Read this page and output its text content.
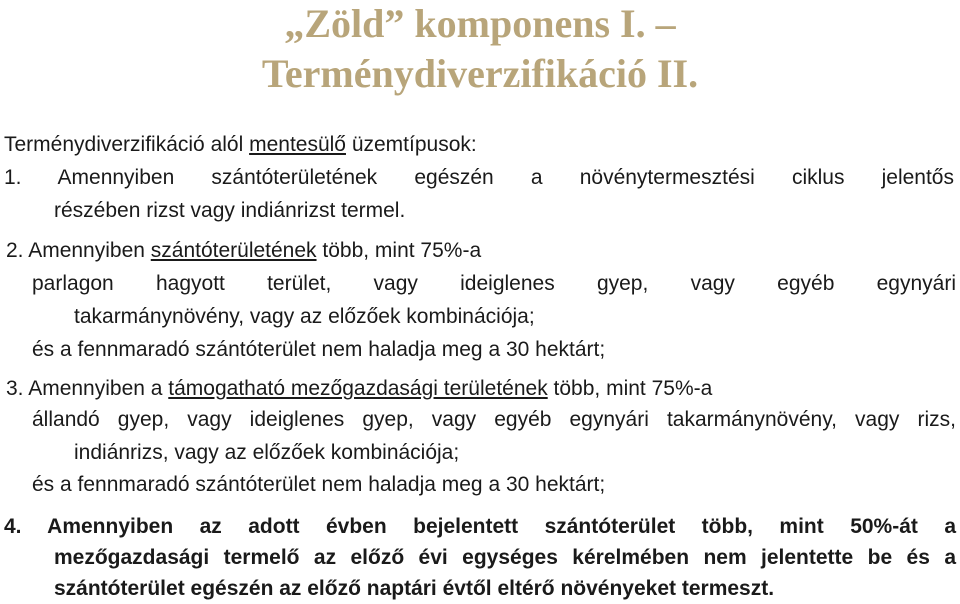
„Zöld” komponens I. –
Terménydiverzifikáció II.

Terménydiverzifikáció alól mentesülő üzemtípusok:

1. Amennyiben szántóterületének egészén a növénytermesztési ciklus jelentős

részében rizst vagy indiánrizst termel.

2. Amennyiben szántóterületének több, mint 75%-a

parlagon hagyott terület, vagy ideiglenes gyep, vagy egyéb egynyári

takarmánynövény, vagy az előzőek kombinációja;

és a fennmaradó szántóterület nem haladja meg a 30 hektárt;

3. Amennyiben a támogatható mezőgazdasági területének több, mint 75%-a

állandó gyep, vagy ideiglenes gyep, vagy egyéb egynyári takarmánynövény, vagy rizs,

indiánrizs, vagy az előzőek kombinációja;

és a fennmaradó szántóterület nem haladja meg a 30 hektárt;

4. Amennyiben az adott évben bejelentett szántóterület több, mint 50%-át a

mezőgazdasági termelő az előző évi egységes kérelmében nem jelentette be és a

szántóterület egészén az előző naptári évtől eltérő növényeket termeszt.
